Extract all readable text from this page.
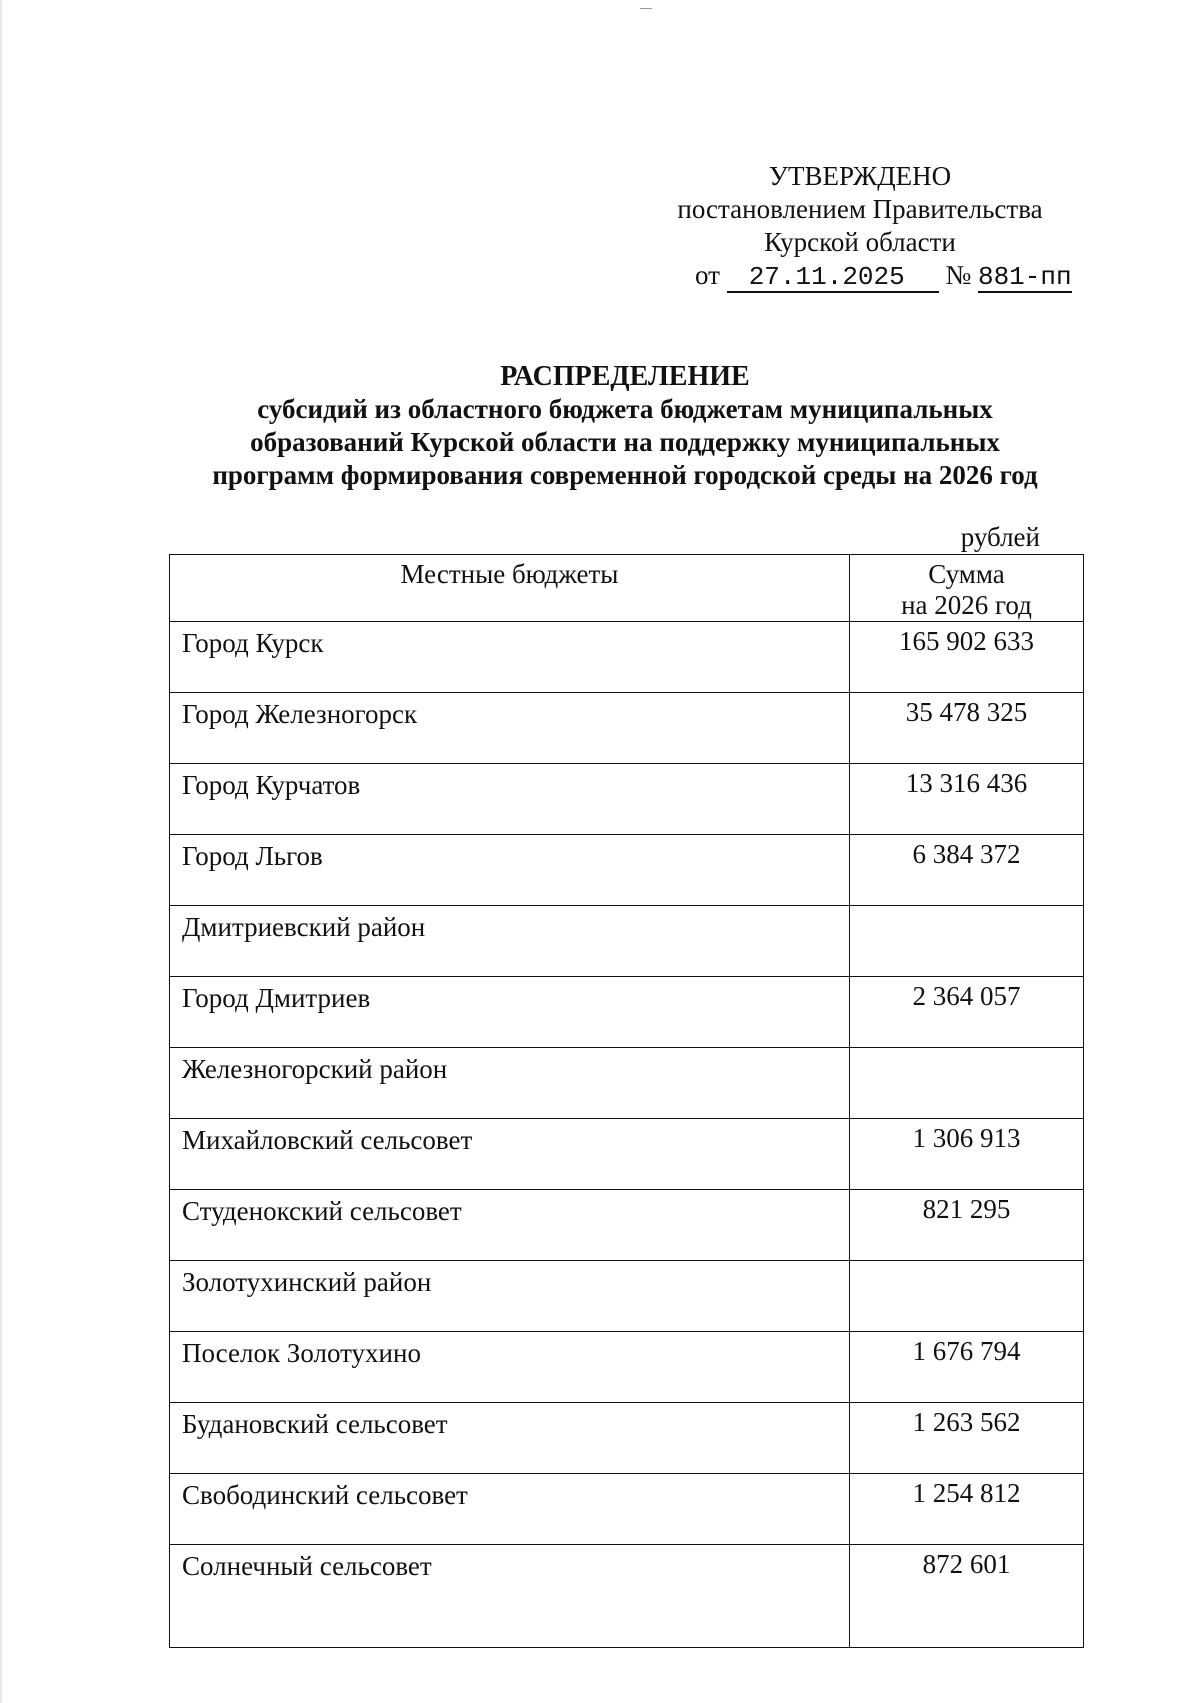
УТВЕРЖДЕНО
постановлением Правительства
Курской области
от 27.11.2025 № 881-пп
РАСПРЕДЕЛЕНИЕ
субсидий из областного бюджета бюджетам муниципальных
образований Курской области на поддержку муниципальных
программ формирования современной городской среды на 2026 год
рублей
Местные бюджеты	Сумма
на 2026 год

Город Курск	165 902 633
Город Железногорск	35 478 325
Город Курчатов	13 316 436
Город Льгов	6 384 372
Дмитриевский район	
Город Дмитриев	2 364 057
Железногорский район	
Михайловский сельсовет	1 306 913
Студенокский сельсовет	821 295
Золотухинский район	
Поселок Золотухино	1 676 794
Будановский сельсовет	1 263 562
Свободинский сельсовет	1 254 812
Солнечный сельсовет	872 601
